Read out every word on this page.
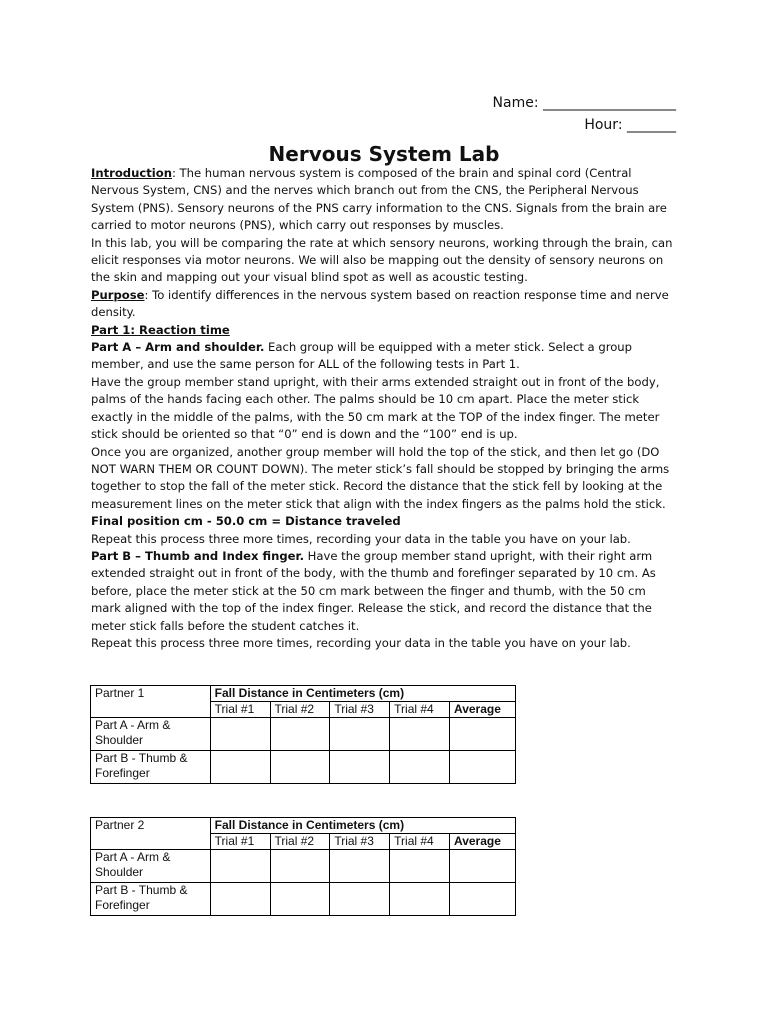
Name: ___________________
Hour: _______
Nervous System Lab

Introduction: The human nervous system is composed of the brain and spinal cord (Central Nervous System, CNS) and the nerves which branch out from the CNS, the Peripheral Nervous System (PNS). Sensory neurons of the PNS carry information to the CNS. Signals from the brain are carried to motor neurons (PNS), which carry out responses by muscles.

In this lab, you will be comparing the rate at which sensory neurons, working through the brain, can elicit responses via motor neurons. We will also be mapping out the density of sensory neurons on the skin and mapping out your visual blind spot as well as acoustic testing.

Purpose: To identify differences in the nervous system based on reaction response time and nerve density.

Part 1: Reaction time

Part A – Arm and shoulder. Each group will be equipped with a meter stick. Select a group member, and use the same person for ALL of the following tests in Part 1.

Have the group member stand upright, with their arms extended straight out in front of the body, palms of the hands facing each other. The palms should be 10 cm apart. Place the meter stick exactly in the middle of the palms, with the 50 cm mark at the TOP of the index finger. The meter stick should be oriented so that “0” end is down and the “100” end is up.

Once you are organized, another group member will hold the top of the stick, and then let go (DO NOT WARN THEM OR COUNT DOWN). The meter stick’s fall should be stopped by bringing the arms together to stop the fall of the meter stick. Record the distance that the stick fell by looking at the measurement lines on the meter stick that align with the index fingers as the palms hold the stick.

Final position cm - 50.0 cm = Distance traveled

Repeat this process three more times, recording your data in the table you have on your lab.

Part B – Thumb and Index finger. Have the group member stand upright, with their right arm extended straight out in front of the body, with the thumb and forefinger separated by 10 cm. As before, place the meter stick at the 50 cm mark between the finger and thumb, with the 50 cm mark aligned with the top of the index finger. Release the stick, and record the distance that the meter stick falls before the student catches it.

Repeat this process three more times, recording your data in the table you have on your lab.

Partner 1	Fall Distance in Centimeters (cm)				
	Trial #1	Trial #2	Trial #3	Trial #4	Average
Part A - Arm & Shoulder					
Part B - Thumb & Forefinger					
Partner 2	Fall Distance in Centimeters (cm)				
	Trial #1	Trial #2	Trial #3	Trial #4	Average
Part A - Arm & Shoulder					
Part B - Thumb & Forefinger					
